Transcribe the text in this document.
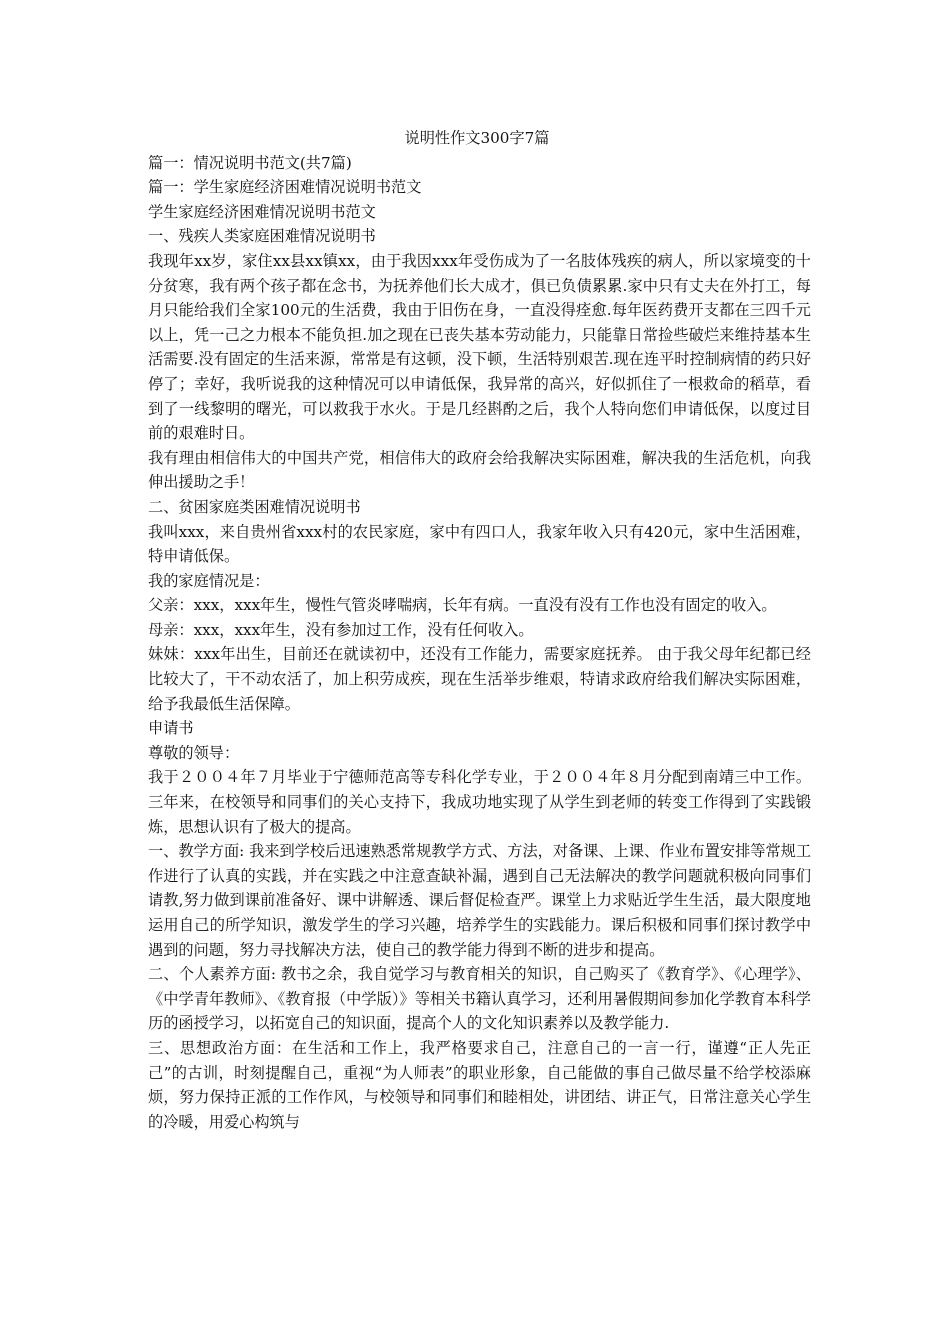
说明性作文300字7篇

篇一：情况说明书范文(共7篇)

篇一：学生家庭经济困难情况说明书范文

学生家庭经济困难情况说明书范文

一、残疾人类家庭困难情况说明书

我现年xx岁，家住xx县xx镇xx，由于我因xxx年受伤成为了一名肢体残疾的病人，所以家境变的十分贫寒，我有两个孩子都在念书，为抚养他们长大成才，俱已负债累累.家中只有丈夫在外打工，每月只能给我们全家100元的生活费，我由于旧伤在身，一直没得痊愈.每年医药费开支都在三四千元以上，凭一己之力根本不能负担.加之现在已丧失基本劳动能力，只能靠日常捡些破烂来维持基本生活需要.没有固定的生活来源，常常是有这顿，没下顿，生活特别艰苦.现在连平时控制病情的药只好停了；幸好，我听说我的这种情况可以申请低保，我异常的高兴，好似抓住了一根救命的稻草，看到了一线黎明的曙光，可以救我于水火。于是几经斟酌之后，我个人特向您们申请低保，以度过目前的艰难时日。

我有理由相信伟大的中国共产党，相信伟大的政府会给我解决实际困难，解决我的生活危机，向我伸出援助之手！

二、贫困家庭类困难情况说明书

我叫xxx，来自贵州省xxx村的农民家庭，家中有四口人，我家年收入只有420元，家中生活困难，特申请低保。

我的家庭情况是：

父亲：xxx，xxx年生，慢性气管炎哮喘病，长年有病。一直没有没有工作也没有固定的收入。

母亲：xxx，xxx年生，没有参加过工作，没有任何收入。

妹妹：xxx年出生，目前还在就读初中，还没有工作能力，需要家庭抚养。 由于我父母年纪都已经比较大了，干不动农活了，加上积劳成疾，现在生活举步维艰，特请求政府给我们解决实际困难，给予我最低生活保障。

申请书

尊敬的领导：

我于２００４年７月毕业于宁德师范高等专科化学专业，于２００４年８月分配到南靖三中工作。三年来，在校领导和同事们的关心支持下，我成功地实现了从学生到老师的转变工作得到了实践锻炼，思想认识有了极大的提高。

一、教学方面: 我来到学校后迅速熟悉常规教学方式、方法，对备课、上课、作业布置安排等常规工作进行了认真的实践，并在实践之中注意查缺补漏，遇到自己无法解决的教学问题就积极向同事们请教,努力做到课前准备好、课中讲解透、课后督促检查严。课堂上力求贴近学生生活，最大限度地运用自己的所学知识，激发学生的学习兴趣，培养学生的实践能力。课后积极和同事们探讨教学中遇到的问题，努力寻找解决方法，使自己的教学能力得到不断的进步和提高。

二、个人素养方面: 教书之余，我自觉学习与教育相关的知识，自己购买了《教育学》、《心理学》、《中学青年教师》、《教育报（中学版）》等相关书籍认真学习，还利用暑假期间参加化学教育本科学历的函授学习，以拓宽自己的知识面，提高个人的文化知识素养以及教学能力.

三、思想政治方面：在生活和工作上，我严格要求自己，注意自己的一言一行，谨遵“正人先正己”的古训，时刻提醒自己，重视“为人师表”的职业形象，自己能做的事自己做尽量不给学校添麻烦，努力保持正派的工作作风，与校领导和同事们和睦相处，讲团结、讲正气，日常注意关心学生的冷暖，用爱心构筑与
